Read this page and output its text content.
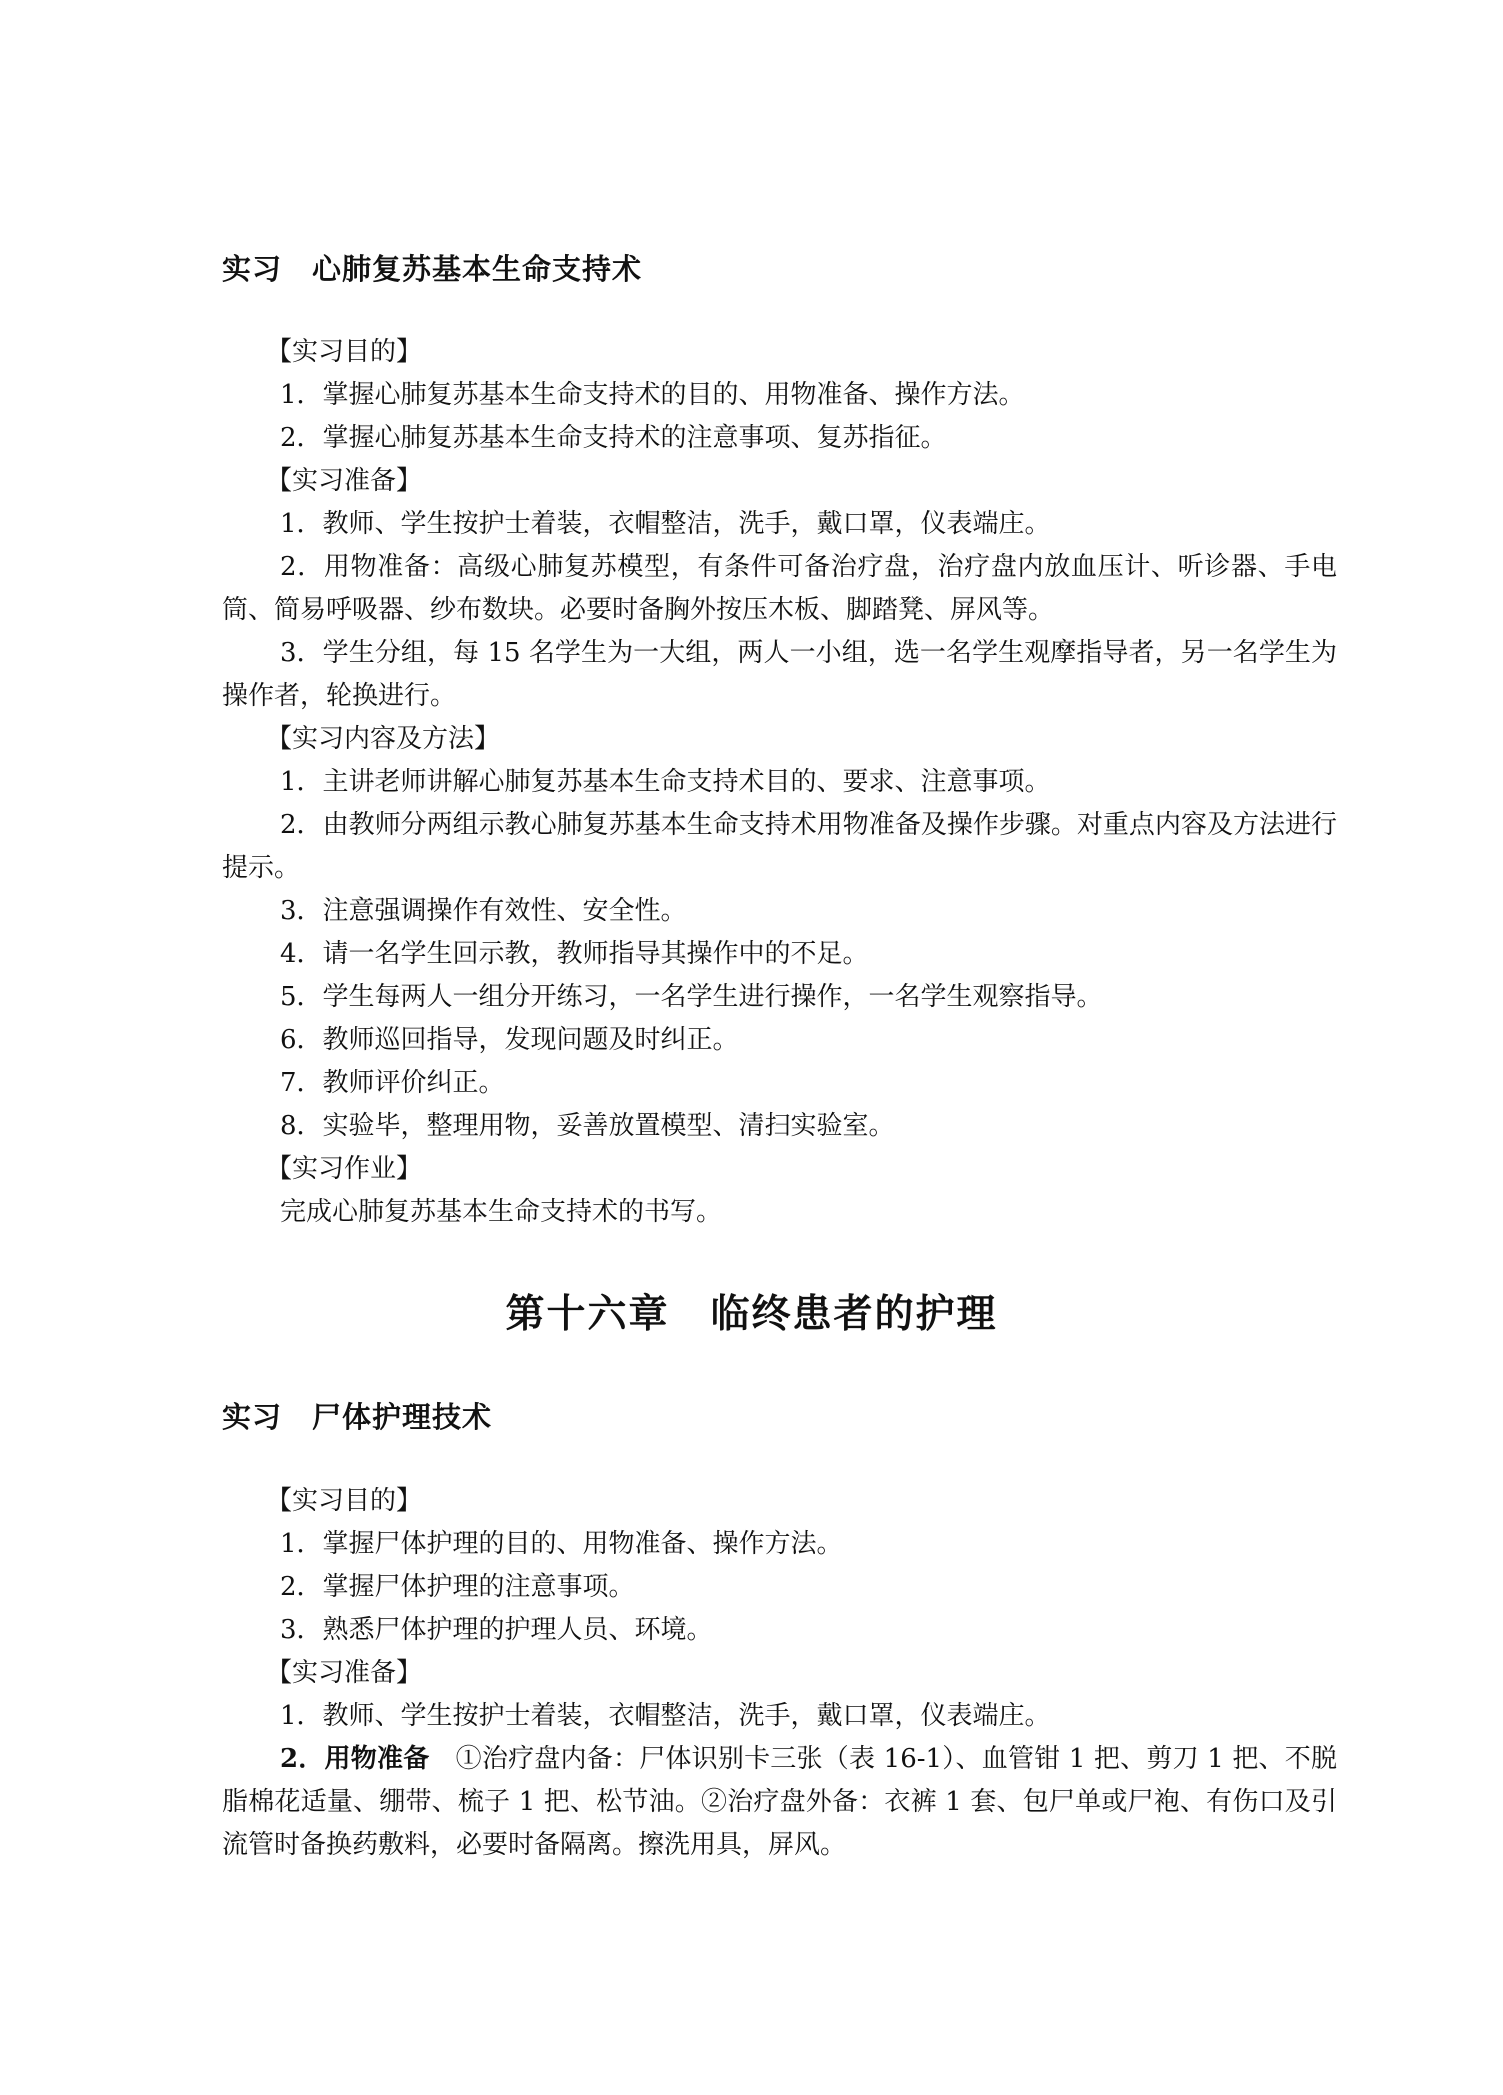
实习　心肺复苏基本生命支持术

【实习目的】

1．掌握心肺复苏基本生命支持术的目的、用物准备、操作方法。

2．掌握心肺复苏基本生命支持术的注意事项、复苏指征。

【实习准备】

1．教师、学生按护士着装，衣帽整洁，洗手，戴口罩，仪表端庄。

2．用物准备：高级心肺复苏模型，有条件可备治疗盘，治疗盘内放血压计、听诊器、手电筒、简易呼吸器、纱布数块。必要时备胸外按压木板、脚踏凳、屏风等。

3．学生分组，每 15 名学生为一大组，两人一小组，选一名学生观摩指导者，另一名学生为操作者，轮换进行。

【实习内容及方法】

1．主讲老师讲解心肺复苏基本生命支持术目的、要求、注意事项。

2．由教师分两组示教心肺复苏基本生命支持术用物准备及操作步骤。对重点内容及方法进行提示。

3．注意强调操作有效性、安全性。

4．请一名学生回示教，教师指导其操作中的不足。

5．学生每两人一组分开练习，一名学生进行操作，一名学生观察指导。

6．教师巡回指导，发现问题及时纠正。

7．教师评价纠正。

8．实验毕，整理用物，妥善放置模型、清扫实验室。

【实习作业】

完成心肺复苏基本生命支持术的书写。

第十六章　临终患者的护理
实习　尸体护理技术

【实习目的】

1．掌握尸体护理的目的、用物准备、操作方法。

2．掌握尸体护理的注意事项。

3．熟悉尸体护理的护理人员、环境。

【实习准备】

1．教师、学生按护士着装，衣帽整洁，洗手，戴口罩，仪表端庄。

2．用物准备　①治疗盘内备：尸体识别卡三张（表 16-1）、血管钳 1 把、剪刀 1 把、不脱脂棉花适量、绷带、梳子 1 把、松节油。②治疗盘外备：衣裤 1 套、包尸单或尸袍、有伤口及引流管时备换药敷料，必要时备隔离。擦洗用具，屏风。
